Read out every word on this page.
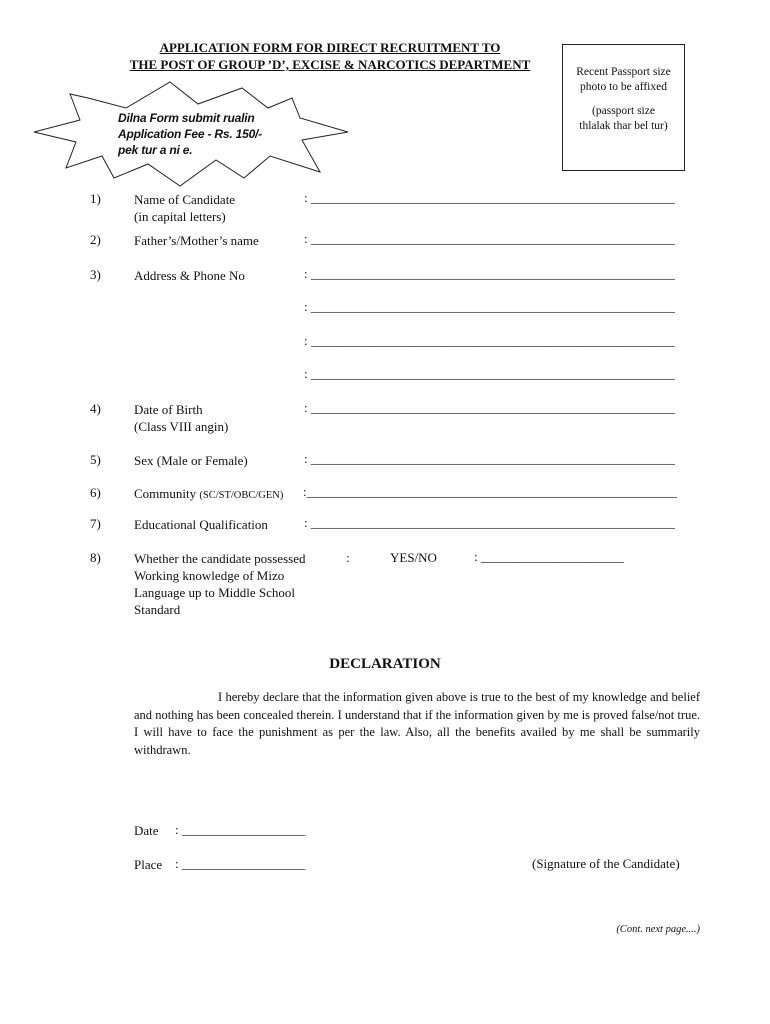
APPLICATION FORM FOR DIRECT RECRUITMENT TO
THE POST OF GROUP ’D’, EXCISE & NARCOTICS DEPARTMENT	Recent Passport size
photo to be affixed
(passport size
thlalak thar bel tur)
Dilna Form submit rualin
Application Fee - Rs. 150/-
pek tur a ni e.
1)	Name of Candidate
(in capital letters)
: ________________________________________________________
2)	Father’s/Mother’s name	: ________________________________________________________
3)	Address & Phone No	: ________________________________________________________
: ________________________________________________________
: ________________________________________________________
: ________________________________________________________
4)	Date of Birth
(Class VIII angin)
: ________________________________________________________
5)	Sex (Male or Female)	: ________________________________________________________
6)	Community (SC/ST/OBC/GEN) :_________________________________________________________
7)	Educational Qualification	: ________________________________________________________
8)	Whether the candidate possessed
Working knowledge of Mizo
Language up to Middle School
Standard
:	YES/NO	: ______________________
DECLARATION
I hereby declare that the information given above is true to the best of my knowledge and belief and nothing has been concealed therein. I understand that if the information given by me is proved false/not true. I will have to face the punishment as per the law. Also, all the benefits availed by me shall be summarily withdrawn.
Date : ___________________
Place : ___________________	(Signature of the Candidate)
(Cont. next page....)
